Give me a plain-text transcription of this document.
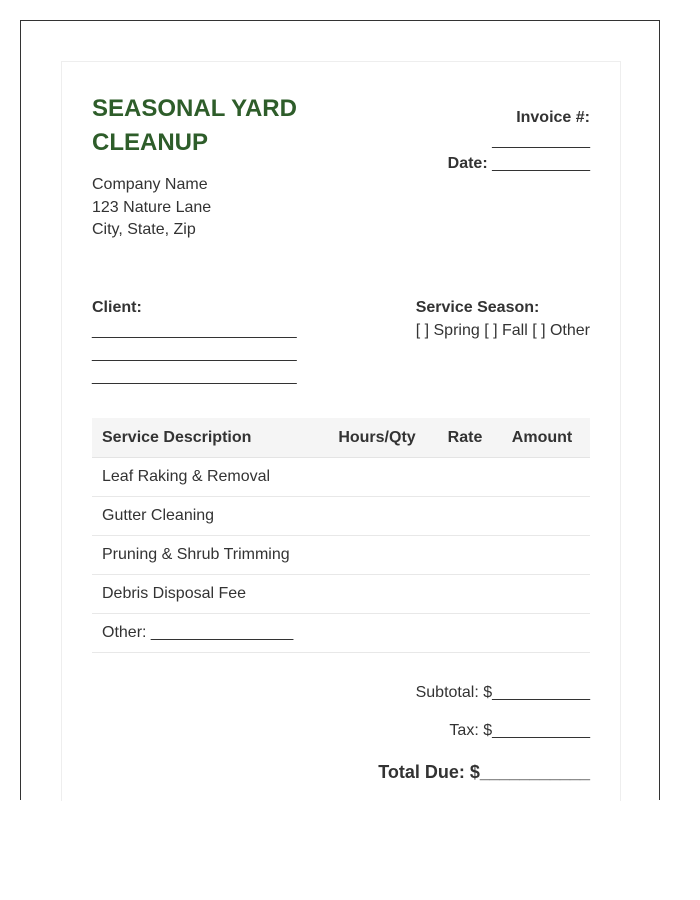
SEASONAL YARD CLEANUP
Company Name
123 Nature Lane
City, State, Zip
Invoice #:
___________
Date: ___________
Client:
_______________________
_______________________
_______________________
Service Season:
[ ] Spring [ ] Fall [ ] Other
Service Description	Hours/Qty	Rate	Amount
Leaf Raking & Removal			
Gutter Cleaning			
Pruning & Shrub Trimming			
Debris Disposal Fee			
Other: ________________			
Subtotal: $___________
Tax: $___________
Total Due: $___________
